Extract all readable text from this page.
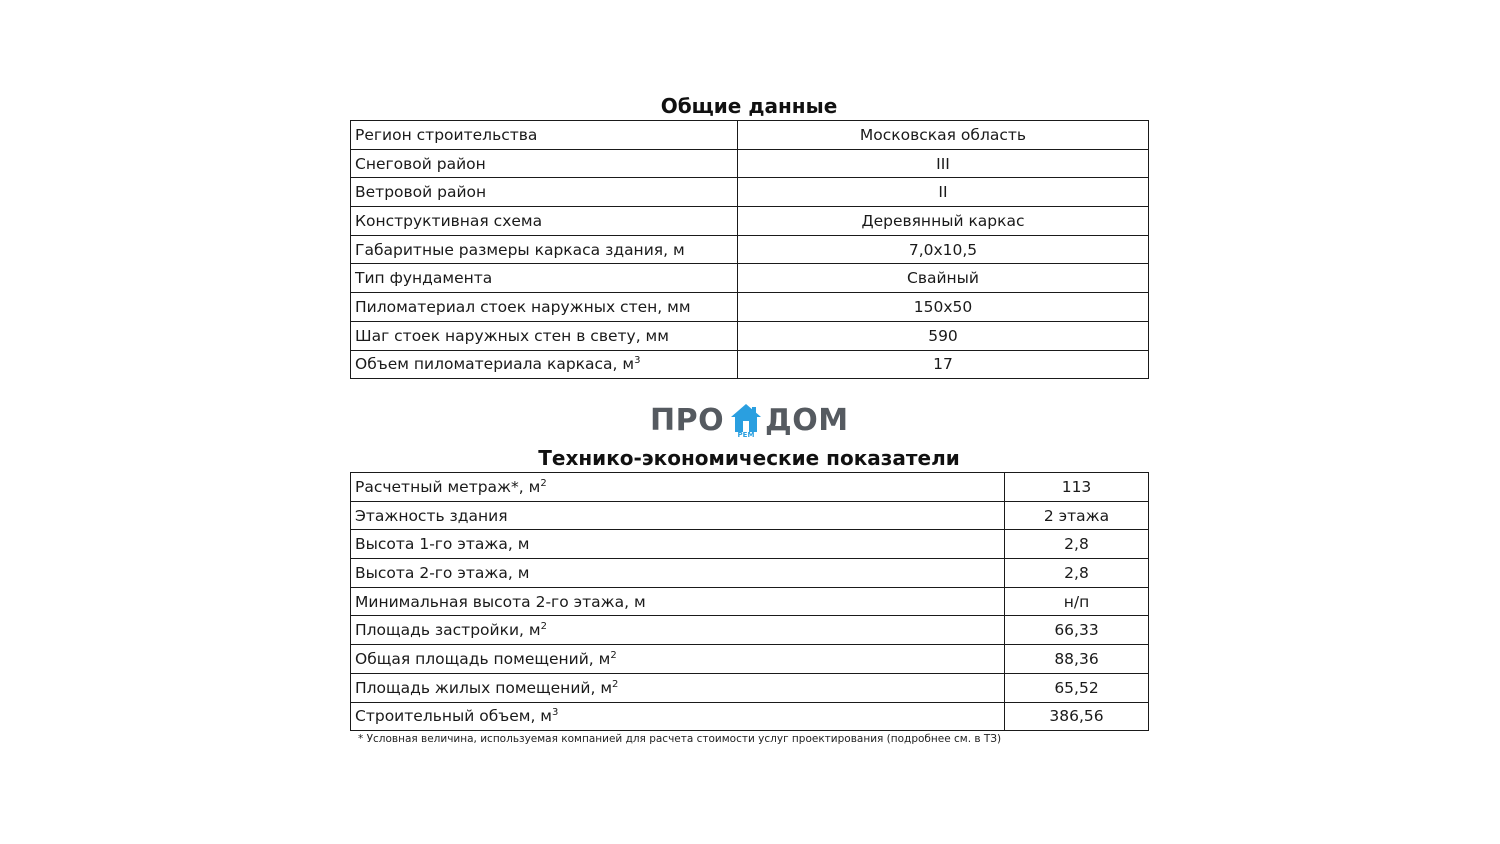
Общие данные
Регион строительства	Московская область
Снеговой район	III
Ветровой район	II
Конструктивная схема	Деревянный каркас
Габаритные размеры каркаса здания, м	7,0х10,5
Тип фундамента	Свайный
Пиломатериал стоек наружных стен, мм	150х50
Шаг стоек наружных стен в свету, мм	590
Объем пиломатериала каркаса, $м^3$	17
ПРО	РЕМ ДОМ
Технико-экономические показатели
Расчетный метраж*, $м^2$	113
Этажность здания	2 этажа
Высота 1-го этажа, м	2,8
Высота 2-го этажа, м	2,8
Минимальная высота 2-го этажа, м	н/п
Площадь застройки, $м^2$	66,33
Общая площадь помещений, $м^2$	88,36
Площадь жилых помещений, $м^2$	65,52
Строительный объем, $м^3$	386,56
* Условная величина, используемая компанией для расчета стоимости услуг проектирования (подробнее см. в ТЗ)
